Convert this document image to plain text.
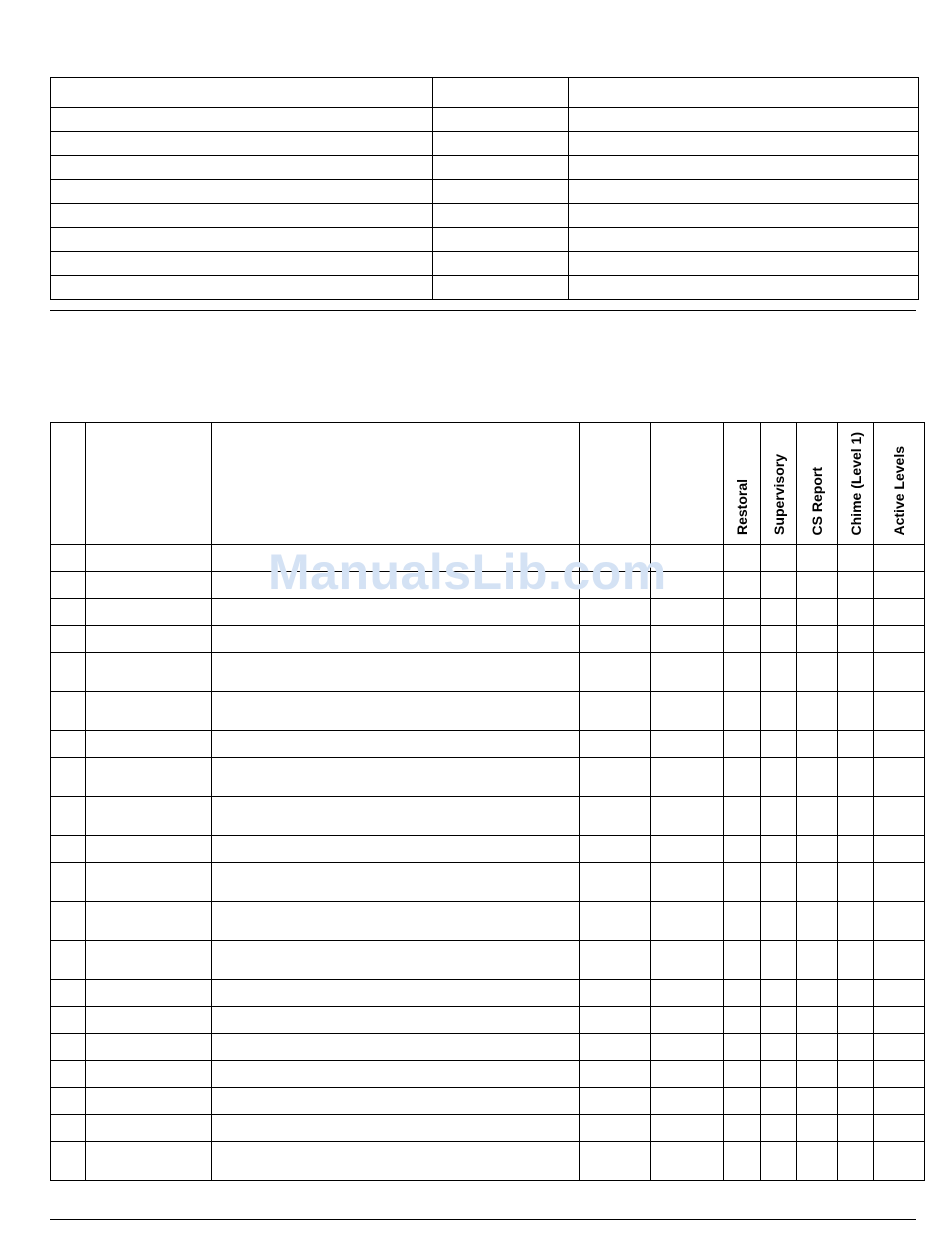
					Restoral	Supervisory	CS Report	Chime (Level 1)	Active Levels

ManualsLib.com
